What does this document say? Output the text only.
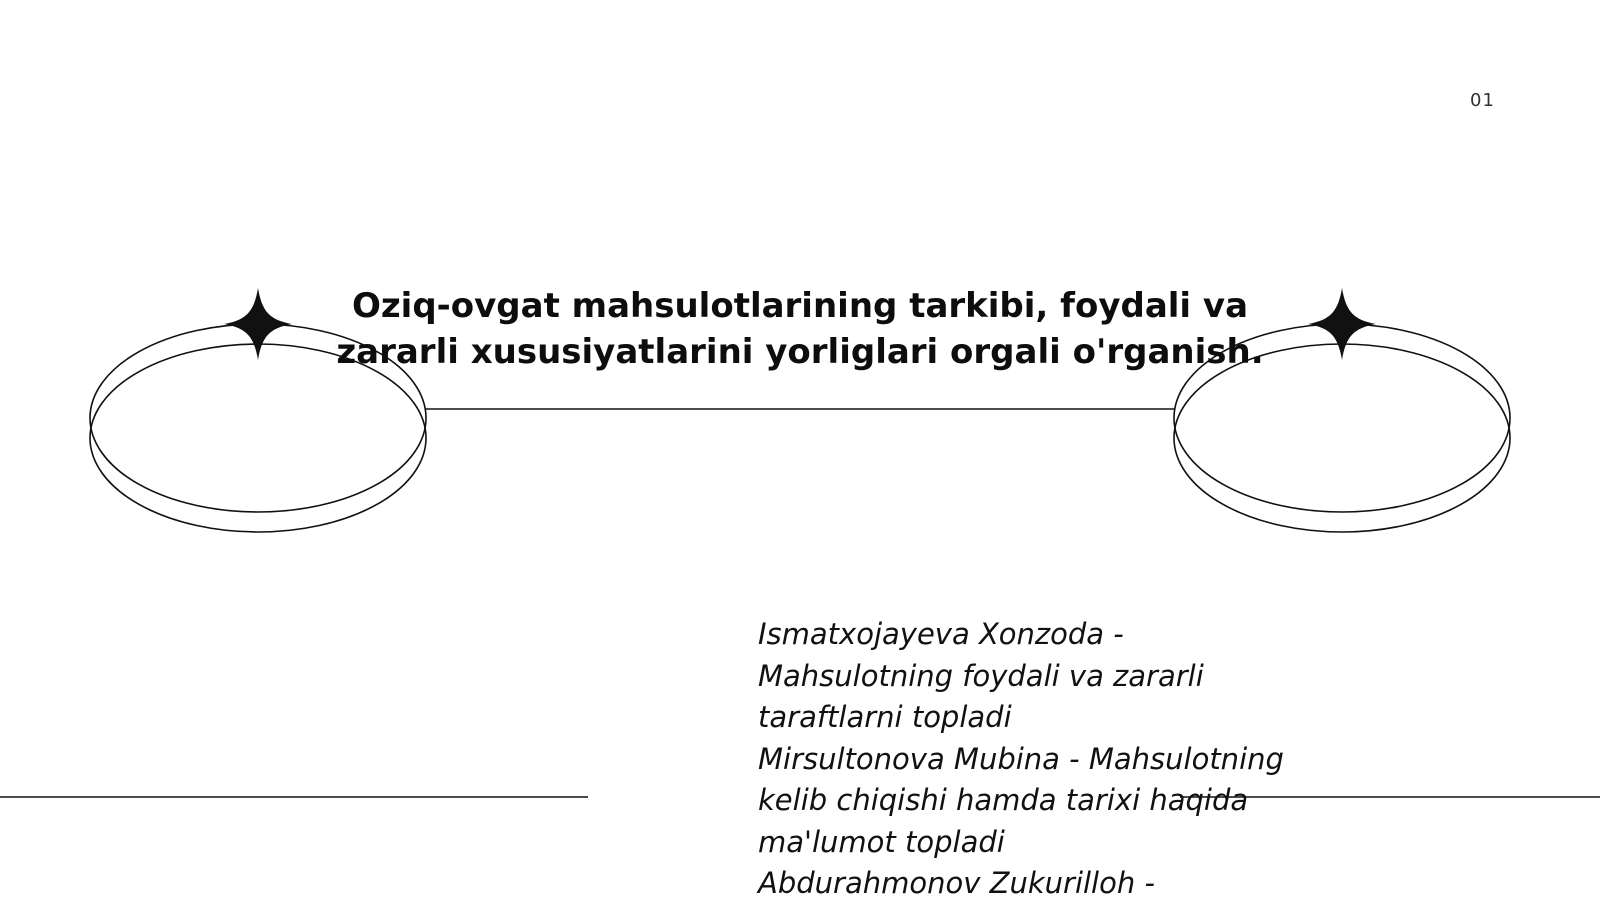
01
Oziq-ovgat mahsulotlarining tarkibi, foydali va
zararli xususiyatlarini yorliglari orgali o'rganish.
Ismatxojayeva Xonzoda -
Mahsulotning foydali va zararli
taraftlarni topladi
Mirsultonova Mubina - Mahsulotning
kelib chiqishi hamda tarixi haqida
ma'lumot topladi
Abdurahmonov Zukurilloh -
